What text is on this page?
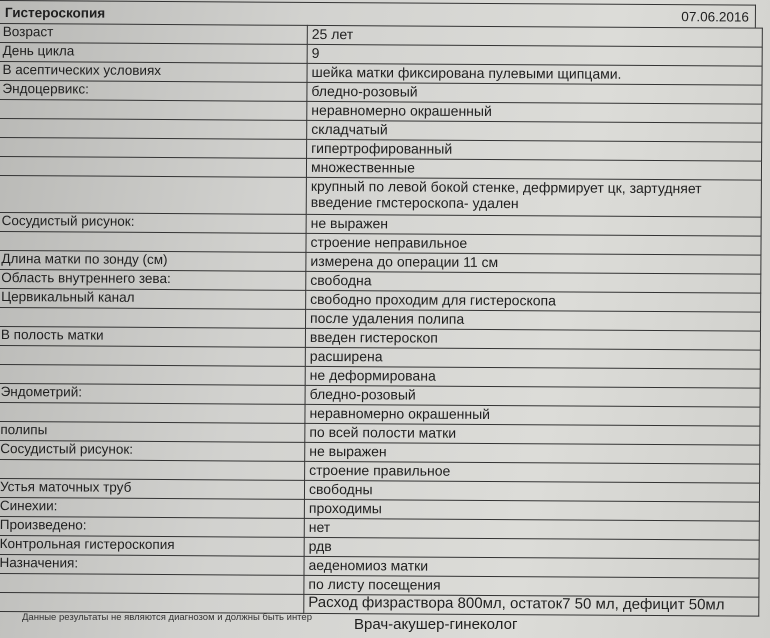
Гистероскопия	07.06.2016
Возраст	25 лет
День цикла	9
В асептических условиях	шейка матки фиксирована пулевыми щипцами.
Эндоцервикс:	бледно-розовый
	неравномерно окрашенный
	складчатый
	гипертрофированный
	множественные
	крупный по левой бокой стенке, дефрмирует цк, зартудняет введение гмстероскопа- удален
Сосудистый рисунок:	не выражен
	строение неправильное
Длина матки по зонду (см)	измерена до операции 11 см
Область внутреннего зева:	свободна
Цервикальный канал	свободно проходим для гистероскопа
	после удаления полипа
В полость матки	введен гистероскоп
	расширена
	не деформирована
Эндометрий:	бледно-розовый
	неравномерно окрашенный
полипы	по всей полости матки
Сосудистый рисунок:	не выражен
	строение правильное
Устья маточных труб	свободны
Синехии:	проходимы
Произведено:	нет
Контрольная гистероскопия	рдв
Назначения:	аеденомиоз матки
	по листу посещения
	Расход физраствора 800мл, остаток7 50 мл, дефицит 50мл
Данные результаты не являются диагнозом и должны быть интер	Врач-акушер-гинеколог
